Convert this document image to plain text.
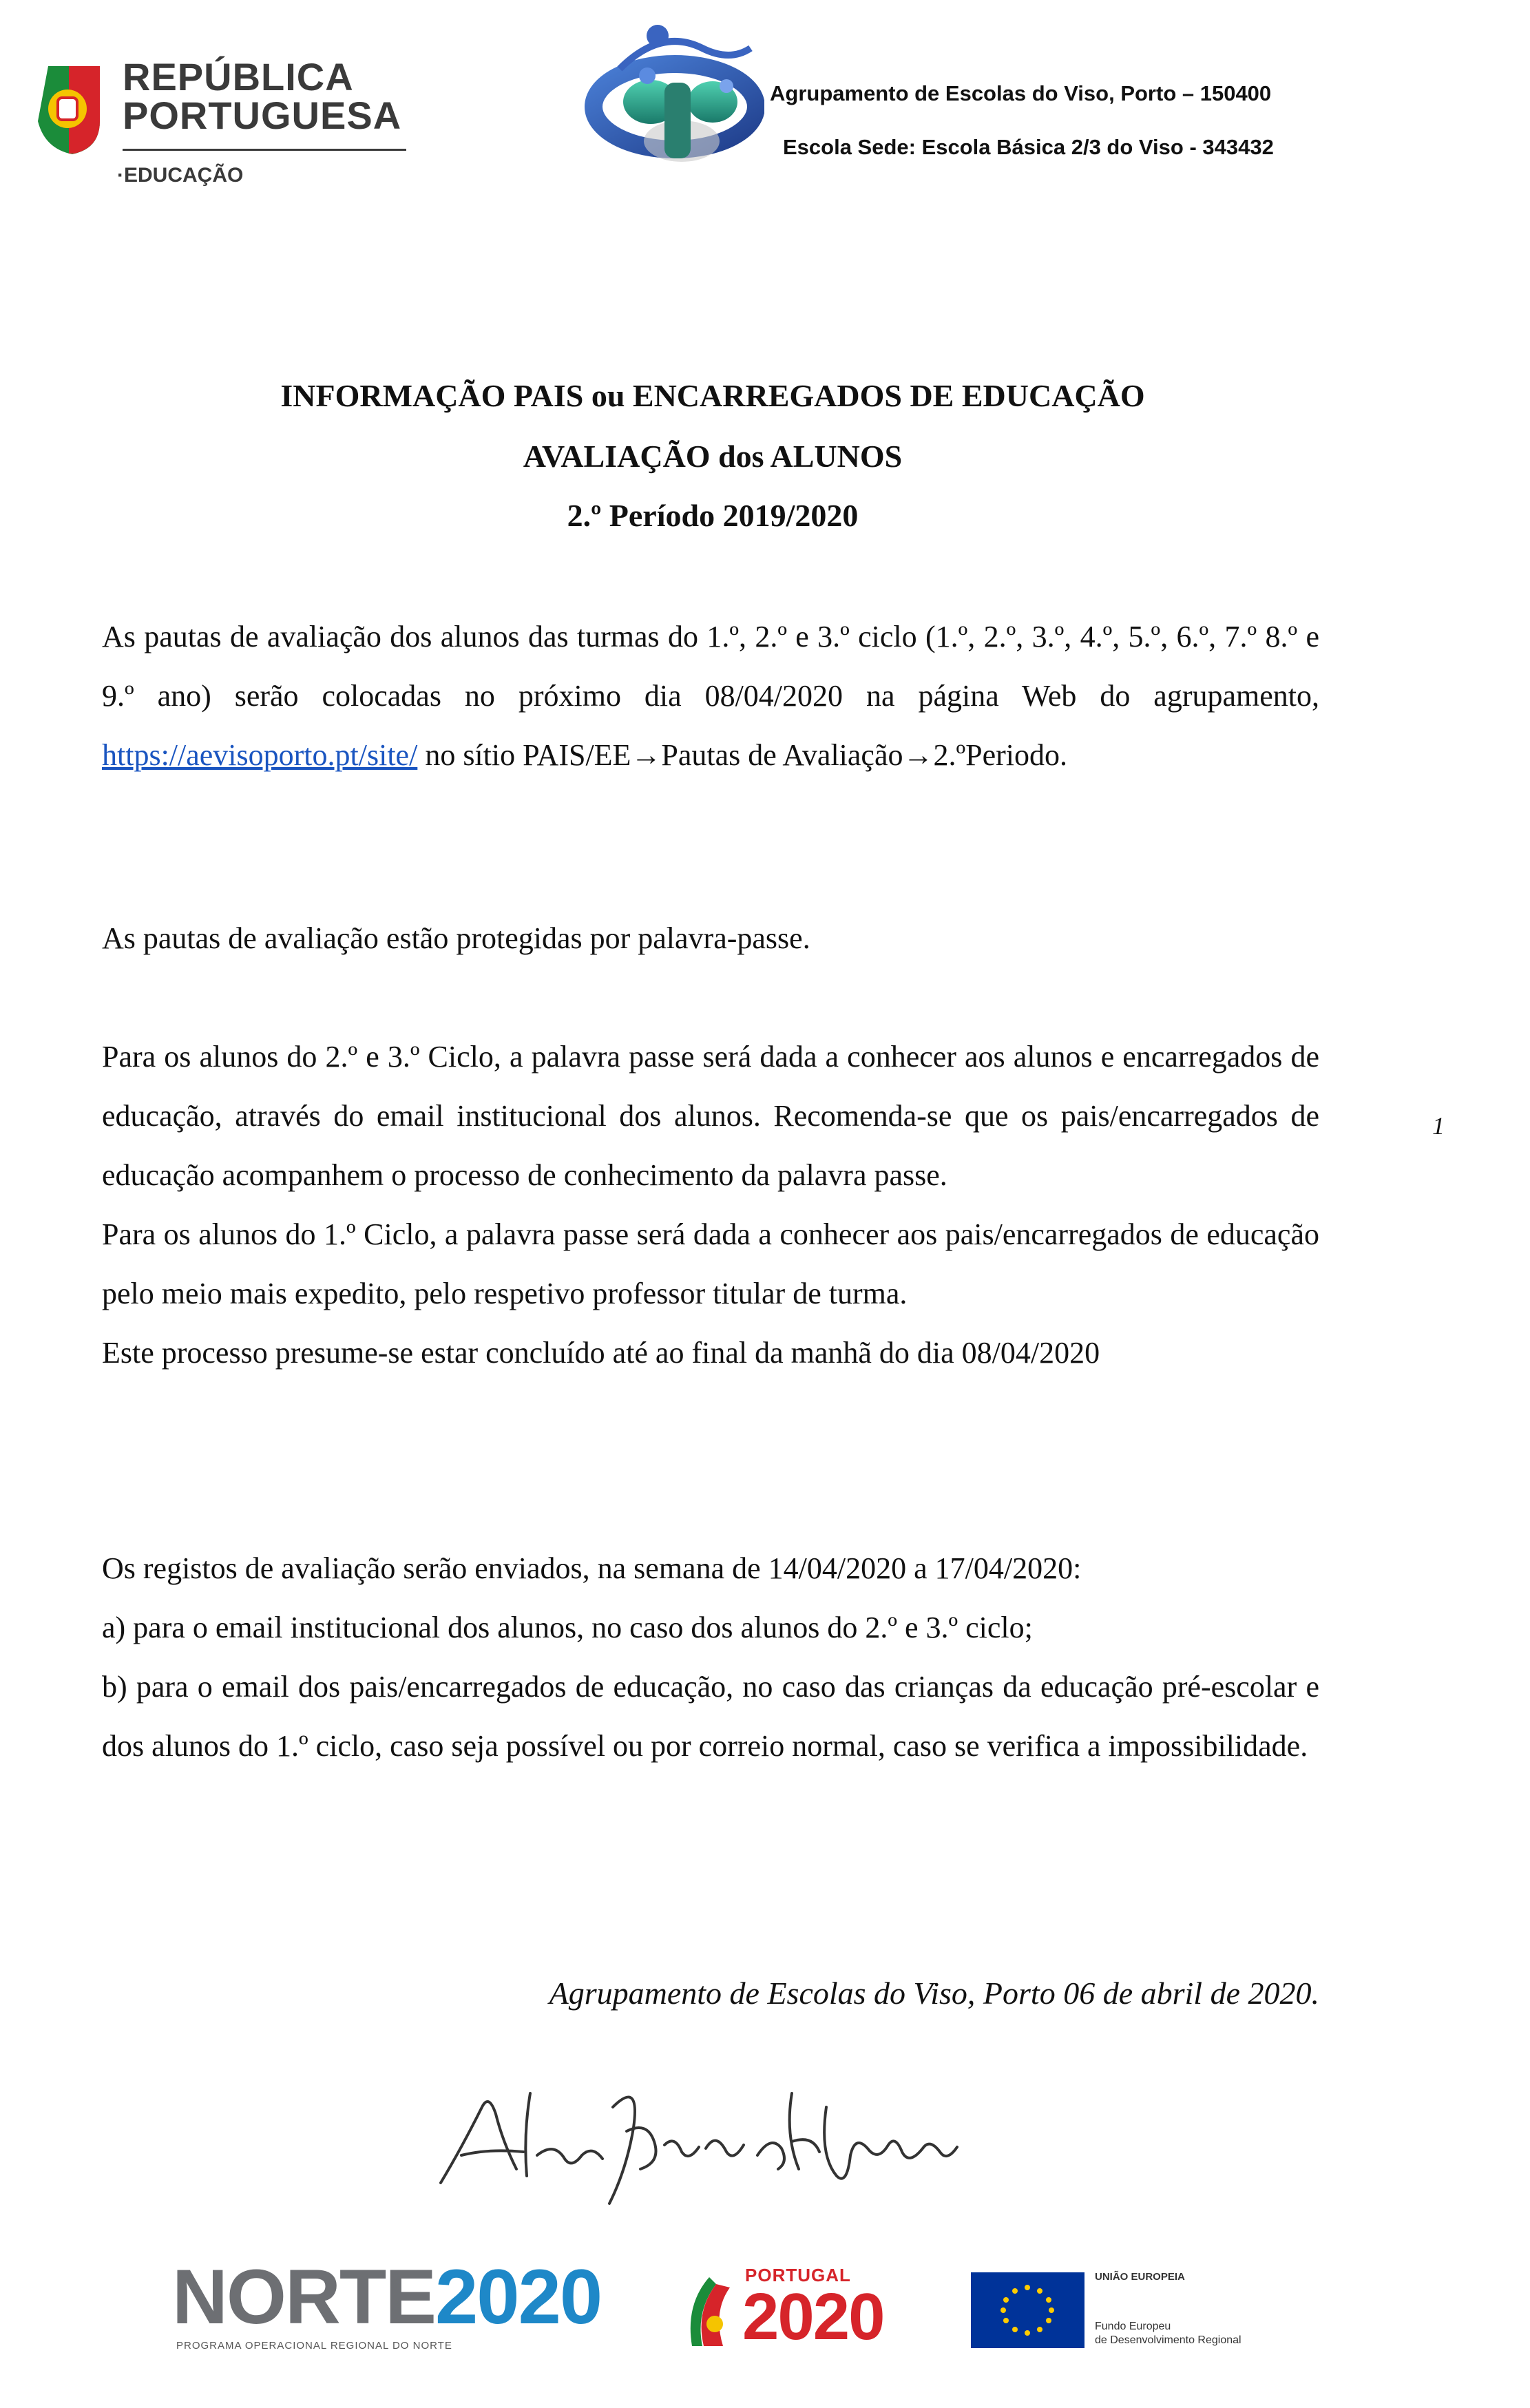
REPÚBLICA
PORTUGUESA
·EDUCAÇÃO
Agrupamento de Escolas do Viso, Porto – 150400
Escola Sede: Escola Básica 2/3 do Viso - 343432
INFORMAÇÃO PAIS ou ENCARREGADOS DE EDUCAÇÃO
AVALIAÇÃO dos ALUNOS
2.º Período 2019/2020

As pautas de avaliação dos alunos das turmas do 1.º, 2.º e 3.º ciclo (1.º, 2.º, 3.º, 4.º, 5.º, 6.º, 7.º 8.º e 9.º ano) serão colocadas no próximo dia 08/04/2020 na página Web do agrupamento, https://aevisoporto.pt/site/ no sítio PAIS/EE→Pautas de Avaliação→2.ºPeriodo.

As pautas de avaliação estão protegidas por palavra-passe.

Para os alunos do 2.º e 3.º Ciclo, a palavra passe será dada a conhecer aos alunos e encarregados de educação, através do email institucional dos alunos. Recomenda-se que os pais/encarregados de educação acompanhem o processo de conhecimento da palavra passe.

Para os alunos do 1.º Ciclo, a palavra passe será dada a conhecer aos pais/encarregados de educação pelo meio mais expedito, pelo respetivo professor titular de turma.

Este processo presume-se estar concluído até ao final da manhã do dia 08/04/2020

1

Os registos de avaliação serão enviados, na semana de 14/04/2020 a 17/04/2020:

a) para o email institucional dos alunos, no caso dos alunos do 2.º e 3.º ciclo;

b) para o email dos pais/encarregados de educação, no caso das crianças da educação pré-escolar e dos alunos do 1.º ciclo, caso seja possível ou por correio normal, caso se verifica a impossibilidade.

Agrupamento de Escolas do Viso, Porto 06 de abril de 2020.
NORTE2020
PROGRAMA OPERACIONAL REGIONAL DO NORTE
PORTUGAL
2020
UNIÃO EUROPEIA
Fundo Europeu
de Desenvolvimento Regional
